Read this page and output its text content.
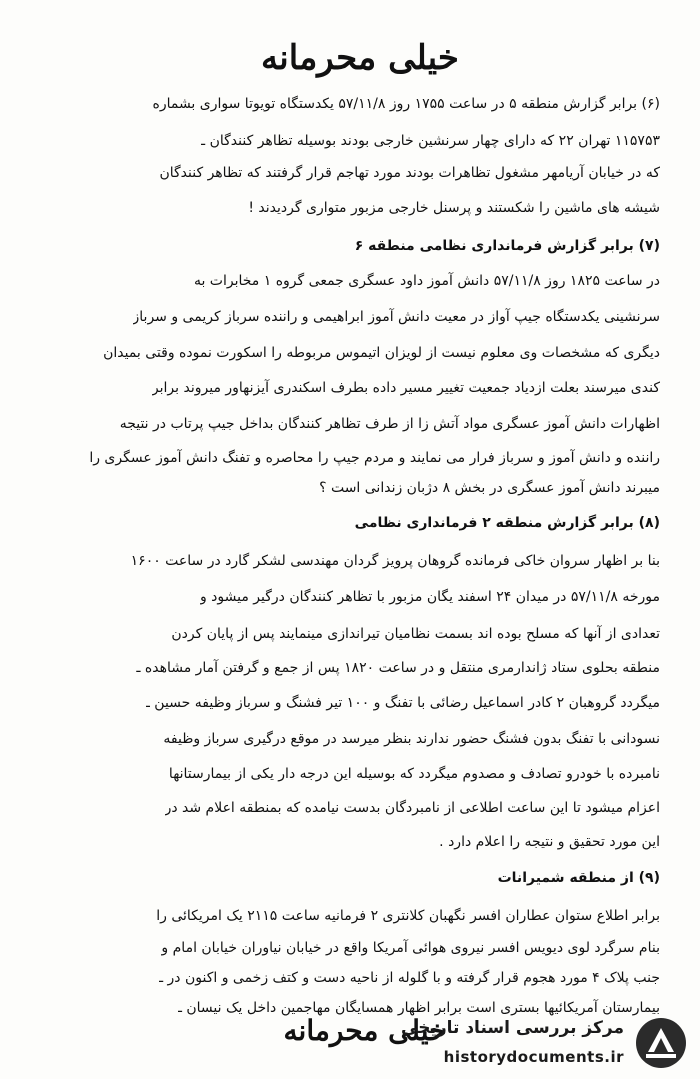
خیلی محرمانه
(۶) برابر گزارش منطقه ۵ در ساعت ۱۷۵۵ روز ۵۷/۱۱/۸ یکدستگاه تویوتا سواری بشماره
۱۱۵۷۵۳ تهران ۲۲ که دارای چهار سرنشین خارجی بودند بوسیله تظاهر کنندگان ـ
که در خیابان آریامهر مشغول تظاهرات بودند مورد تهاجم قرار گرفتند که تظاهر کنندگان
شیشه های ماشین را شکستند و پرسنل خارجی مزبور متواری گردیدند !
(۷) برابر گزارش فرمانداری نظامی منطقه ۶
در ساعت ۱۸۲۵ روز ۵۷/۱۱/۸ دانش آموز داود عسگری جمعی گروه ۱ مخابرات به
سرنشینی یکدستگاه جیپ آواز در معیت دانش آموز ابراهیمی و راننده سرباز کریمی و سرباز
دیگری که مشخصات وی معلوم نیست از لویزان اتیموس مربوطه را اسکورت نموده وقتی بمیدان
کندی میرسند بعلت ازدیاد جمعیت تغییر مسیر داده بطرف اسکندری آیزنهاور میروند برابر
اظهارات دانش آموز عسگری مواد آتش زا از طرف تظاهر کنندگان بداخل جیپ پرتاب در نتیجه
راننده و دانش آموز و سرباز فرار می نمایند و مردم جیپ را محاصره و تفنگ دانش آموز عسگری را
میبرند دانش آموز عسگری در بخش ۸ دژبان زندانی است ؟
(۸) برابر گزارش منطقه ۲ فرمانداری نظامی
بنا بر اظهار سروان خاکی فرمانده گروهان پرویز گردان مهندسی لشکر گارد در ساعت ۱۶۰۰
مورخه ۵۷/۱۱/۸ در میدان ۲۴ اسفند یگان مزبور با تظاهر کنندگان درگیر میشود و
تعدادی از آنها که مسلح بوده اند بسمت نظامیان تیراندازی مینمایند پس از پایان کردن
منطقه بحلوی ستاد ژاندارمری منتقل و در ساعت ۱۸۲۰ پس از جمع و گرفتن آمار مشاهده ـ
میگردد گروهبان ۲ کادر اسماعیل رضائی با تفنگ و ۱۰۰ تیر فشنگ و سرباز وظیفه حسین ـ
نسودانی با تفنگ بدون فشنگ حضور ندارند بنظر میرسد در موقع درگیری سرباز وظیفه
نامبرده با خودرو تصادف و مصدوم میگردد که بوسیله این درجه دار یکی از بیمارستانها
اعزام میشود تا این ساعت اطلاعی از نامبردگان بدست نیامده که بمنطقه اعلام شد در
این مورد تحقیق و نتیجه را اعلام دارد .
(۹) از منطقه شمیرانات
برابر اطلاع ستوان عطاران افسر نگهبان کلانتری ۲ فرمانیه ساعت ۲۱۱۵ یک امریکائی را
بنام سرگرد لوی دیویس افسر نیروی هوائی آمریکا واقع در خیابان نیاوران خیابان امام و
جنب پلاک ۴ مورد هجوم قرار گرفته و با گلوله از ناحیه دست و کتف زخمی و اکنون در ـ
بیمارستان آمریکائیها بستری است برابر اظهار همسایگان مهاجمین داخل یک نیسان ـ
خیلی محرمانه
مرکز بررسی اسناد تاریخی
historydocuments.ir
